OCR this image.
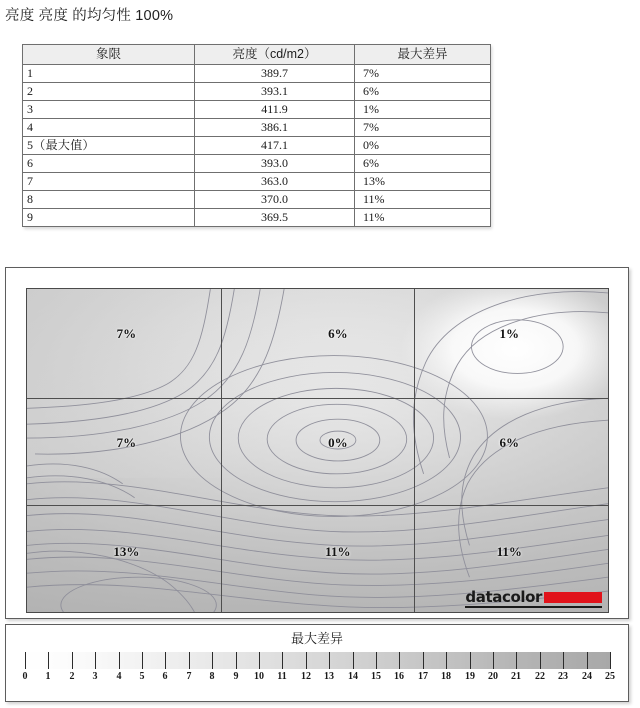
亮度 亮度 的均匀性 100%
象限	亮度（cd/m2）	最大差异
1	389.7	7%
2	393.1	6%
3	411.9	1%
4	386.1	7%
5（最大值）	417.1	0%
6	393.0	6%
7	363.0	13%
8	370.0	11%
9	369.5	11%
7%	6%	1%
7%	0%	6%
13%	11%	11%
datacolor
最大差异
0 1 2 3 4 5 6 7 8 9 10 11 12 13 14 15 16 17 18 19 20 21 22 23 24 25
